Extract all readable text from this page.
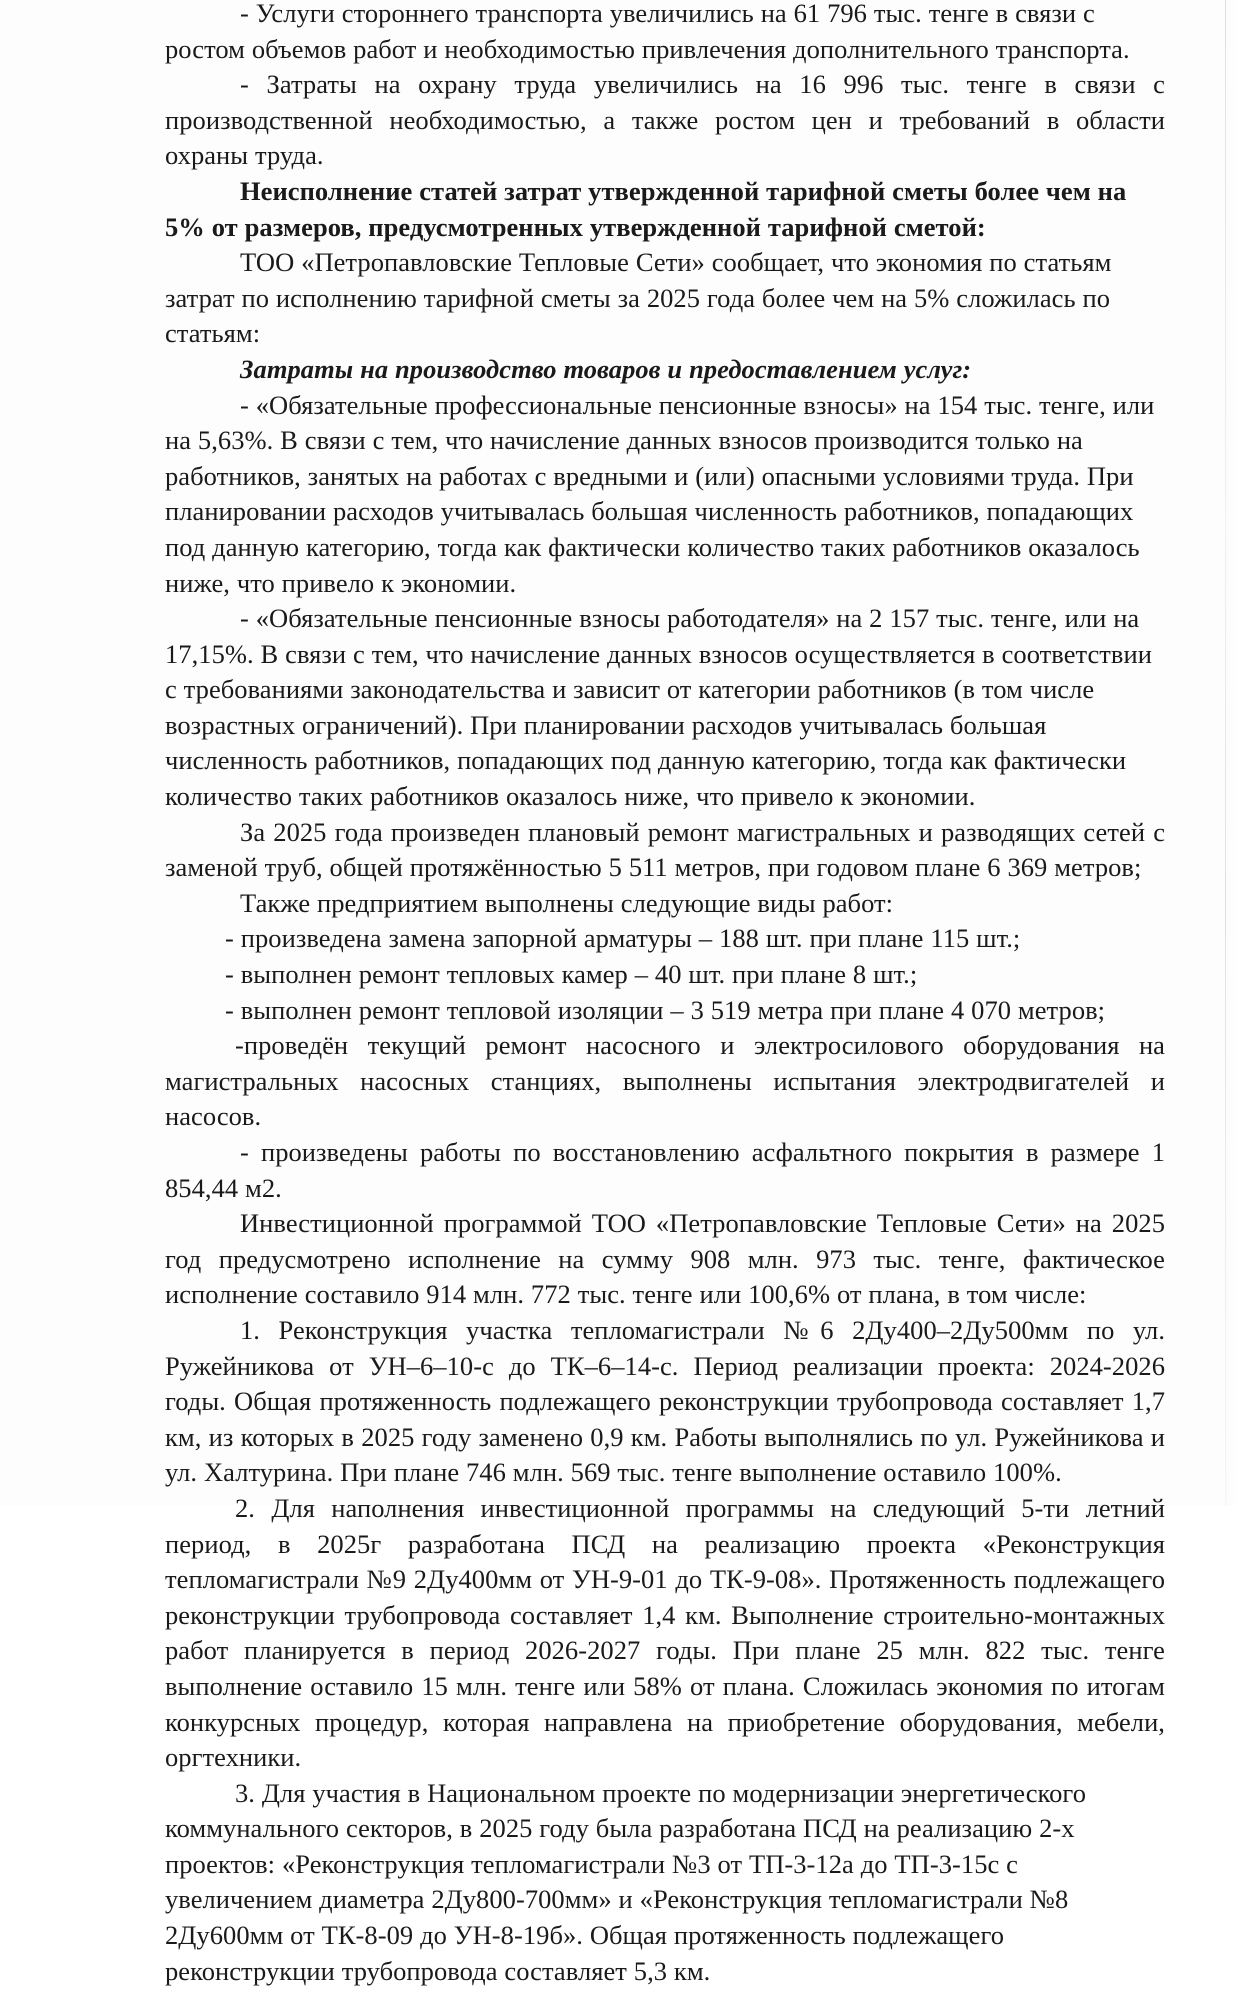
- Услуги стороннего транспорта увеличились на 61 796 тыс. тенге в связи с ростом объемов работ и необходимостью привлечения дополнительного транспорта.

- Затраты на охрану труда увеличились на 16 996 тыс. тенге в связи с производственной необходимостью, а также ростом цен и требований в области охраны труда.

Неисполнение статей затрат утвержденной тарифной сметы более чем на 5% от размеров, предусмотренных утвержденной тарифной сметой:

ТОО «Петропавловские Тепловые Сети» сообщает, что экономия по статьям затрат по исполнению тарифной сметы за 2025 года более чем на 5% сложилась по статьям:

Затраты на производство товаров и предоставлением услуг:

- «Обязательные профессиональные пенсионные взносы» на 154 тыс. тенге, или на 5,63%. В связи с тем, что начисление данных взносов производится только на работников, занятых на работах с вредными и (или) опасными условиями труда. При планировании расходов учитывалась большая численность работников, попадающих под данную категорию, тогда как фактически количество таких работников оказалось ниже, что привело к экономии.

- «Обязательные пенсионные взносы работодателя» на 2 157 тыс. тенге, или на 17,15%. В связи с тем, что начисление данных взносов осуществляется в соответствии с требованиями законодательства и зависит от категории работников (в том числе возрастных ограничений). При планировании расходов учитывалась большая численность работников, попадающих под данную категорию, тогда как фактически количество таких работников оказалось ниже, что привело к экономии.

За 2025 года произведен плановый ремонт магистральных и разводящих сетей с заменой труб, общей протяжённостью 5 511 метров, при годовом плане 6 369 метров;

Также предприятием выполнены следующие виды работ:

- произведена замена запорной арматуры – 188 шт. при плане 115 шт.;

- выполнен ремонт тепловых камер – 40 шт. при плане 8 шт.;

- выполнен ремонт тепловой изоляции – 3 519 метра при плане 4 070 метров;

-проведён текущий ремонт насосного и электросилового оборудования на магистральных насосных станциях, выполнены испытания электродвигателей и насосов.

- произведены работы по восстановлению асфальтного покрытия в размере 1 854,44 м2.

Инвестиционной программой ТОО «Петропавловские Тепловые Сети» на 2025 год предусмотрено исполнение на сумму 908 млн. 973 тыс. тенге, фактическое исполнение составило 914 млн. 772 тыс. тенге или 100,6% от плана, в том числе:

1. Реконструкция участка тепломагистрали №6 2Ду400–2Ду500мм по ул. Ружейникова от УН–6–10-с до ТК–6–14-с. Период реализации проекта: 2024-2026 годы. Общая протяженность подлежащего реконструкции трубопровода составляет 1,7 км, из которых в 2025 году заменено 0,9 км. Работы выполнялись по ул. Ружейникова и ул. Халтурина. При плане 746 млн. 569 тыс. тенге выполнение оставило 100%.

2. Для наполнения инвестиционной программы на следующий 5-ти летний период, в 2025г разработана ПСД на реализацию проекта «Реконструкция тепломагистрали №9 2Ду400мм от УН-9-01 до ТК-9-08». Протяженность подлежащего реконструкции трубопровода составляет 1,4 км. Выполнение строительно-монтажных работ планируется в период 2026-2027 годы. При плане 25 млн. 822 тыс. тенге выполнение оставило 15 млн. тенге или 58% от плана. Сложилась экономия по итогам конкурсных процедур, которая направлена на приобретение оборудования, мебели, оргтехники.

3. Для участия в Национальном проекте по модернизации энергетического коммунального секторов, в 2025 году была разработана ПСД на реализацию 2-х проектов: «Реконструкция тепломагистрали №3 от ТП-3-12а до ТП-3-15с с увеличением диаметра 2Ду800-700мм» и «Реконструкция тепломагистрали №8 2Ду600мм от ТК-8-09 до УН-8-19б». Общая протяженность подлежащего реконструкции трубопровода составляет 5,3 км.
